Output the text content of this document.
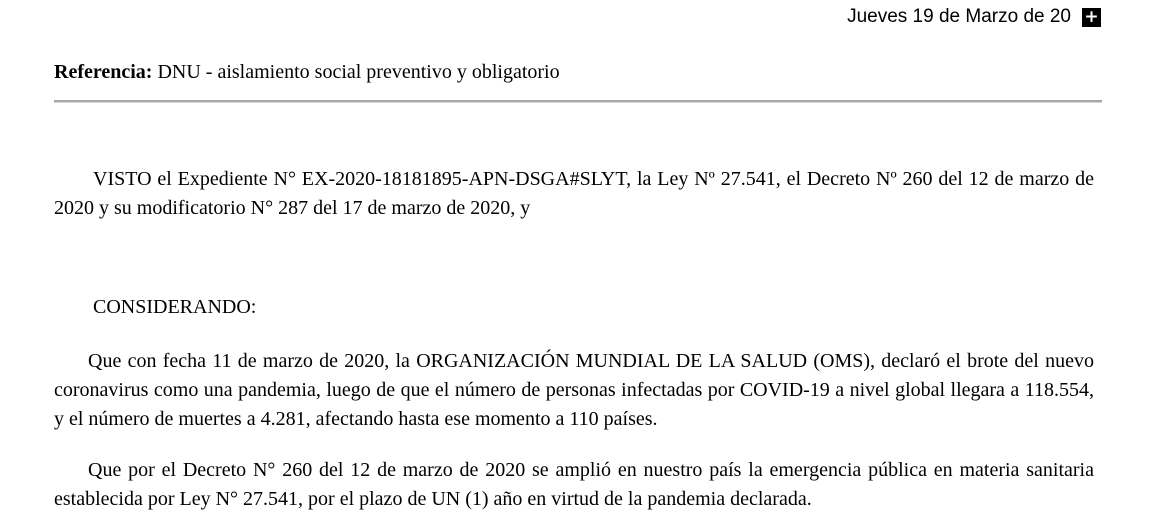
Jueves 19 de Marzo de 20 +
Referencia: DNU - aislamiento social preventivo y obligatorio
VISTO el Expediente N° EX-2020-18181895-APN-DSGA#SLYT, la Ley Nº 27.541, el Decreto Nº 260 del 12 de marzo de 2020 y su modificatorio N° 287 del 17 de marzo de 2020, y
CONSIDERANDO:
Que con fecha 11 de marzo de 2020, la ORGANIZACIÓN MUNDIAL DE LA SALUD (OMS), declaró el brote del nuevo coronavirus como una pandemia, luego de que el número de personas infectadas por COVID-19 a nivel global llegara a 118.554, y el número de muertes a 4.281, afectando hasta ese momento a 110 países.
Que por el Decreto N° 260 del 12 de marzo de 2020 se amplió en nuestro país la emergencia pública en materia sanitaria establecida por Ley N° 27.541, por el plazo de UN (1) año en virtud de la pandemia declarada.
